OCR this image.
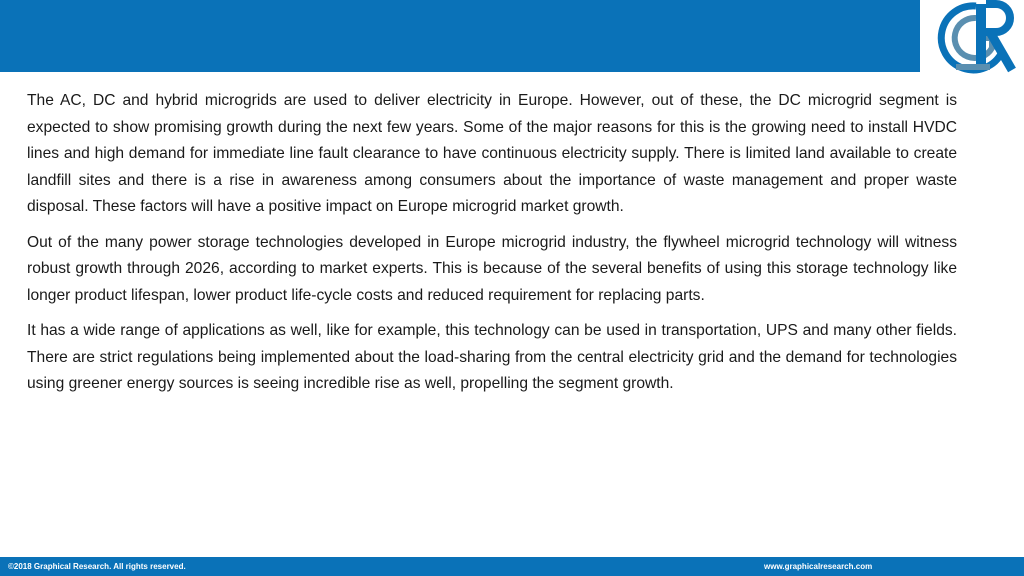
The AC, DC and hybrid microgrids are used to deliver electricity in Europe. However, out of these, the DC microgrid segment is expected to show promising growth during the next few years. Some of the major reasons for this is the growing need to install HVDC lines and high demand for immediate line fault clearance to have continuous electricity supply. There is limited land available to create landfill sites and there is a rise in awareness among consumers about the importance of waste management and proper waste disposal. These factors will have a positive impact on Europe microgrid market growth.

Out of the many power storage technologies developed in Europe microgrid industry, the flywheel microgrid technology will witness robust growth through 2026, according to market experts. This is because of the several benefits of using this storage technology like longer product lifespan, lower product life-cycle costs and reduced requirement for replacing parts.

It has a wide range of applications as well, like for example, this technology can be used in transportation, UPS and many other fields. There are strict regulations being implemented about the load-sharing from the central electricity grid and the demand for technologies using greener energy sources is seeing incredible rise as well, propelling the segment growth.

©2018 Graphical Research. All rights reserved.	www.graphicalresearch.com
